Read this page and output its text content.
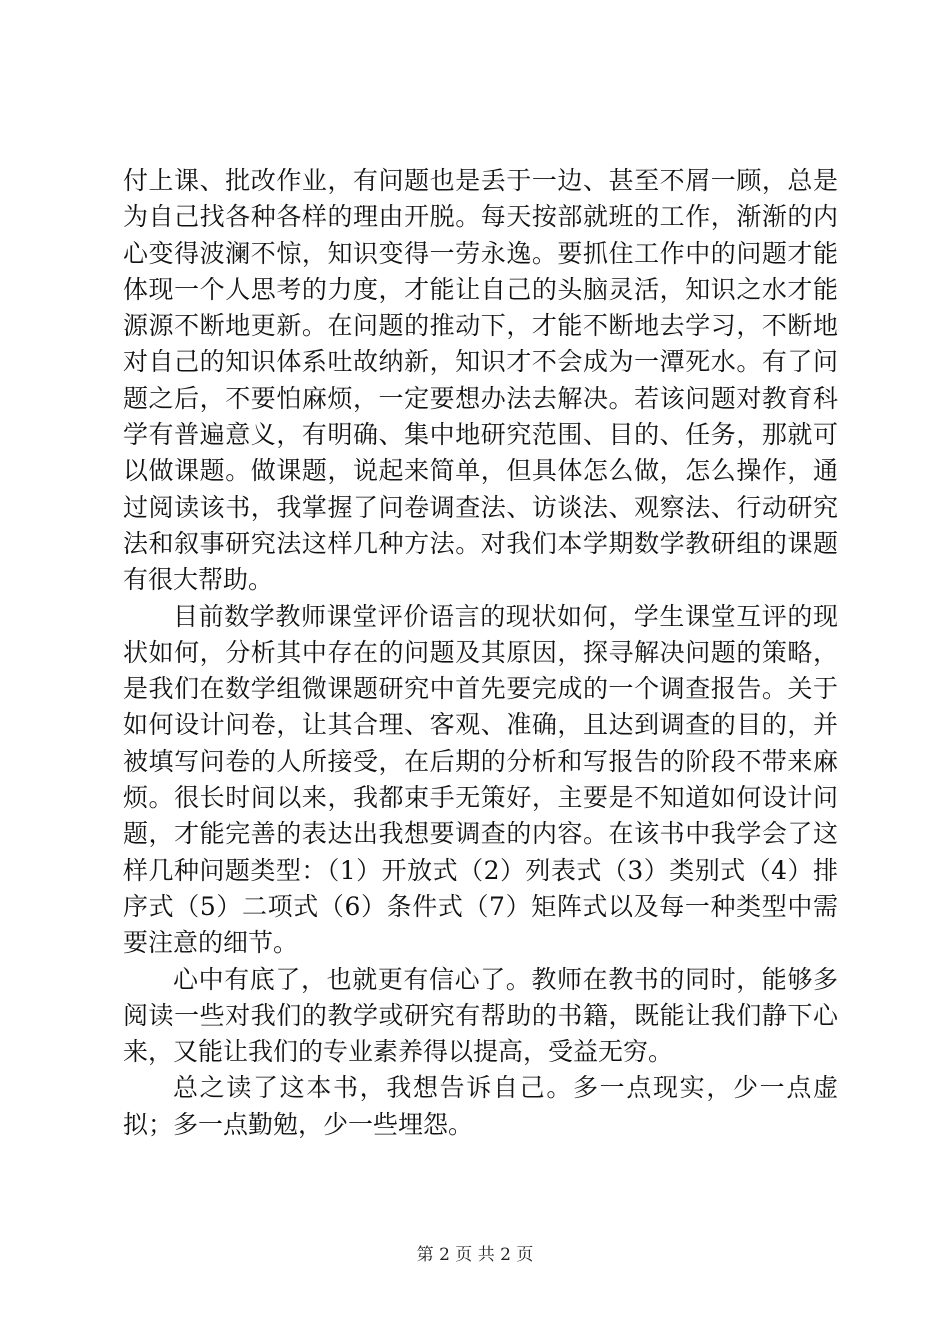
付上课、批改作业，有问题也是丢于一边、甚至不屑一顾，总是为自己找各种各样的理由开脱。每天按部就班的工作，渐渐的内心变得波澜不惊，知识变得一劳永逸。要抓住工作中的问题才能体现一个人思考的力度，才能让自己的头脑灵活，知识之水才能源源不断地更新。在问题的推动下，才能不断地去学习，不断地对自己的知识体系吐故纳新，知识才不会成为一潭死水。有了问题之后，不要怕麻烦，一定要想办法去解决。若该问题对教育科学有普遍意义，有明确、集中地研究范围、目的、任务，那就可以做课题。做课题，说起来简单，但具体怎么做，怎么操作，通过阅读该书，我掌握了问卷调查法、访谈法、观察法、行动研究法和叙事研究法这样几种方法。对我们本学期数学教研组的课题有很大帮助。

目前数学教师课堂评价语言的现状如何，学生课堂互评的现状如何，分析其中存在的问题及其原因，探寻解决问题的策略，是我们在数学组微课题研究中首先要完成的一个调查报告。关于如何设计问卷，让其合理、客观、准确，且达到调查的目的，并被填写问卷的人所接受，在后期的分析和写报告的阶段不带来麻烦。很长时间以来，我都束手无策好，主要是不知道如何设计问题，才能完善的表达出我想要调查的内容。在该书中我学会了这样几种问题类型：（1）开放式（2）列表式（3）类别式（4）排序式（5）二项式（6）条件式（7）矩阵式以及每一种类型中需要注意的细节。

心中有底了，也就更有信心了。教师在教书的同时，能够多阅读一些对我们的教学或研究有帮助的书籍，既能让我们静下心来，又能让我们的专业素养得以提高，受益无穷。

总之读了这本书，我想告诉自己。多一点现实，少一点虚拟；多一点勤勉，少一些埋怨。

第 2 页 共 2 页
